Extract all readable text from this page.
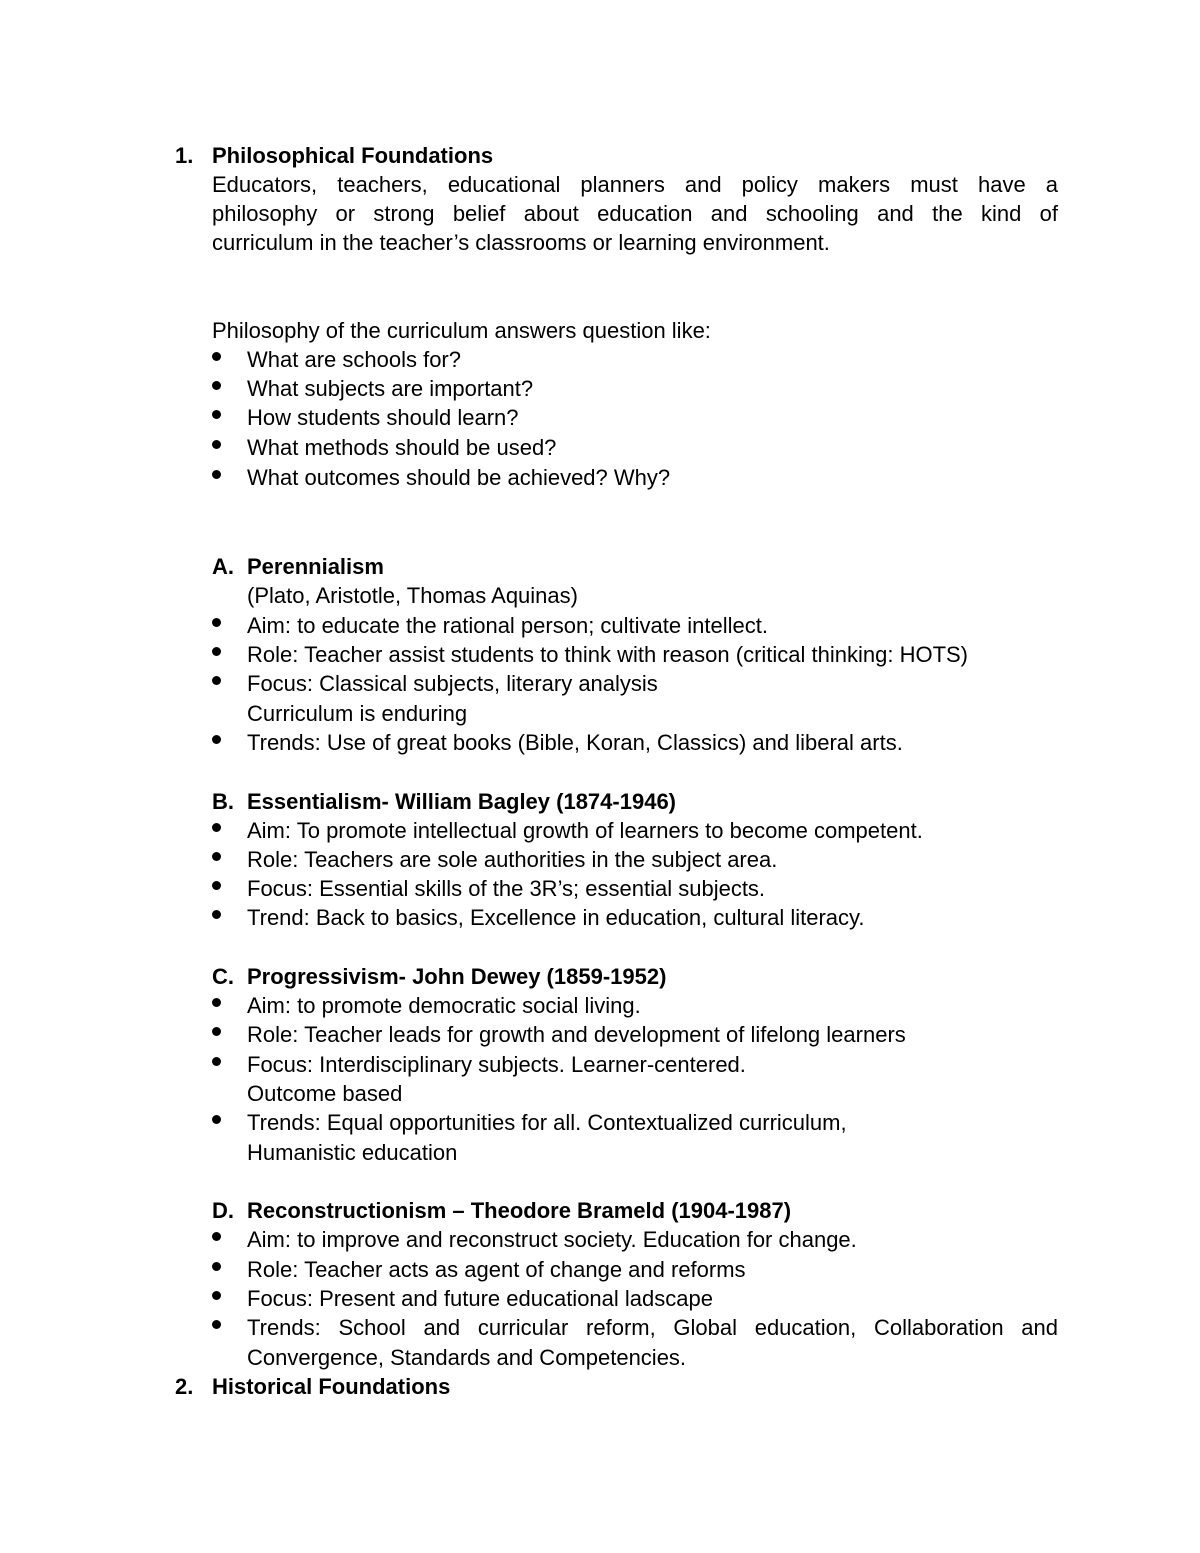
1. Philosophical Foundations
Educators, teachers, educational planners and policy makers must have a
philosophy or strong belief about education and schooling and the kind of
curriculum in the teacher’s classrooms or learning environment.
Philosophy of the curriculum answers question like:
What are schools for?
What subjects are important?
How students should learn?
What methods should be used?
What outcomes should be achieved? Why?
A. Perennialism
(Plato, Aristotle, Thomas Aquinas)
Aim: to educate the rational person; cultivate intellect.
Role: Teacher assist students to think with reason (critical thinking: HOTS)
Focus: Classical subjects, literary analysis
Curriculum is enduring
Trends: Use of great books (Bible, Koran, Classics) and liberal arts.
B. Essentialism- William Bagley (1874-1946)
Aim: To promote intellectual growth of learners to become competent.
Role: Teachers are sole authorities in the subject area.
Focus: Essential skills of the 3R’s; essential subjects.
Trend: Back to basics, Excellence in education, cultural literacy.
C. Progressivism- John Dewey (1859-1952)
Aim: to promote democratic social living.
Role: Teacher leads for growth and development of lifelong learners
Focus: Interdisciplinary subjects. Learner-centered.
Outcome based
Trends: Equal opportunities for all. Contextualized curriculum,
Humanistic education
D. Reconstructionism – Theodore Brameld (1904-1987)
Aim: to improve and reconstruct society. Education for change.
Role: Teacher acts as agent of change and reforms
Focus: Present and future educational ladscape
Trends: School and curricular reform, Global education, Collaboration and
Convergence, Standards and Competencies.
2. Historical Foundations
